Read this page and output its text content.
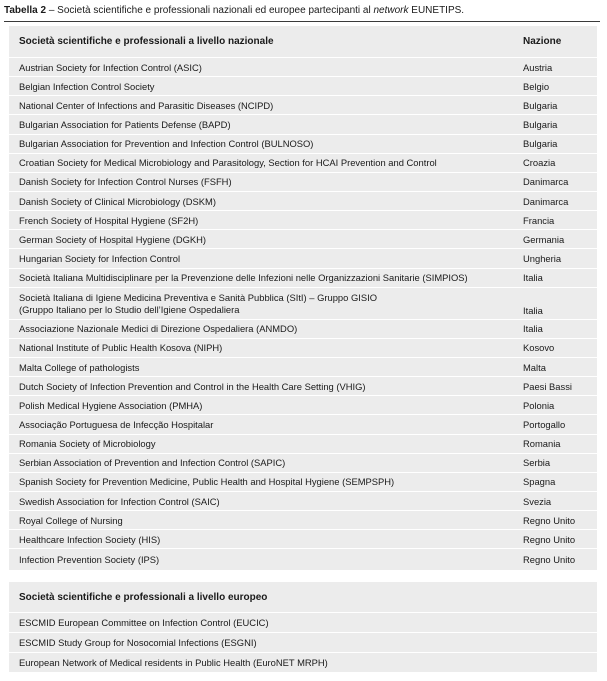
Tabella 2 – Società scientifiche e professionali nazionali ed europee partecipanti al network EUNETIPS.
Società scientifiche e professionali a livello nazionale	Nazione
Austrian Society for Infection Control (ASIC)	Austria
Belgian Infection Control Society	Belgio
National Center of Infections and Parasitic Diseases (NCIPD)	Bulgaria
Bulgarian Association for Patients Defense (BAPD)	Bulgaria
Bulgarian Association for Prevention and Infection Control (BULNOSO)	Bulgaria
Croatian Society for Medical Microbiology and Parasitology, Section for HCAI Prevention and Control	Croazia
Danish Society for Infection Control Nurses (FSFH)	Danimarca
Danish Society of Clinical Microbiology (DSKM)	Danimarca
French Society of Hospital Hygiene (SF2H)	Francia
German Society of Hospital Hygiene (DGKH)	Germania
Hungarian Society for Infection Control	Ungheria
Società Italiana Multidisciplinare per la Prevenzione delle Infezioni nelle Organizzazioni Sanitarie (SIMPIOS)	Italia
Società Italiana di Igiene Medicina Preventiva e Sanità Pubblica (SItI) – Gruppo GISIO
(Gruppo Italiano per lo Studio dell’Igiene Ospedaliera	Italia
Associazione Nazionale Medici di Direzione Ospedaliera (ANMDO)	Italia
National Institute of Public Health Kosova (NIPH)	Kosovo
Malta College of pathologists	Malta
Dutch Society of Infection Prevention and Control in the Health Care Setting (VHIG)	Paesi Bassi
Polish Medical Hygiene Association (PMHA)	Polonia
Associação Portuguesa de Infecção Hospitalar	Portogallo
Romania Society of Microbiology	Romania
Serbian Association of Prevention and Infection Control (SAPIC)	Serbia
Spanish Society for Prevention Medicine, Public Health and Hospital Hygiene (SEMPSPH)	Spagna
Swedish Association for Infection Control (SAIC)	Svezia
Royal College of Nursing	Regno Unito
Healthcare Infection Society (HIS)	Regno Unito
Infection Prevention Society (IPS)	Regno Unito
Società scientifiche e professionali a livello europeo
ESCMID European Committee on Infection Control (EUCIC)
ESCMID Study Group for Nosocomial Infections (ESGNI)
European Network of Medical residents in Public Health (EuroNET MRPH)
